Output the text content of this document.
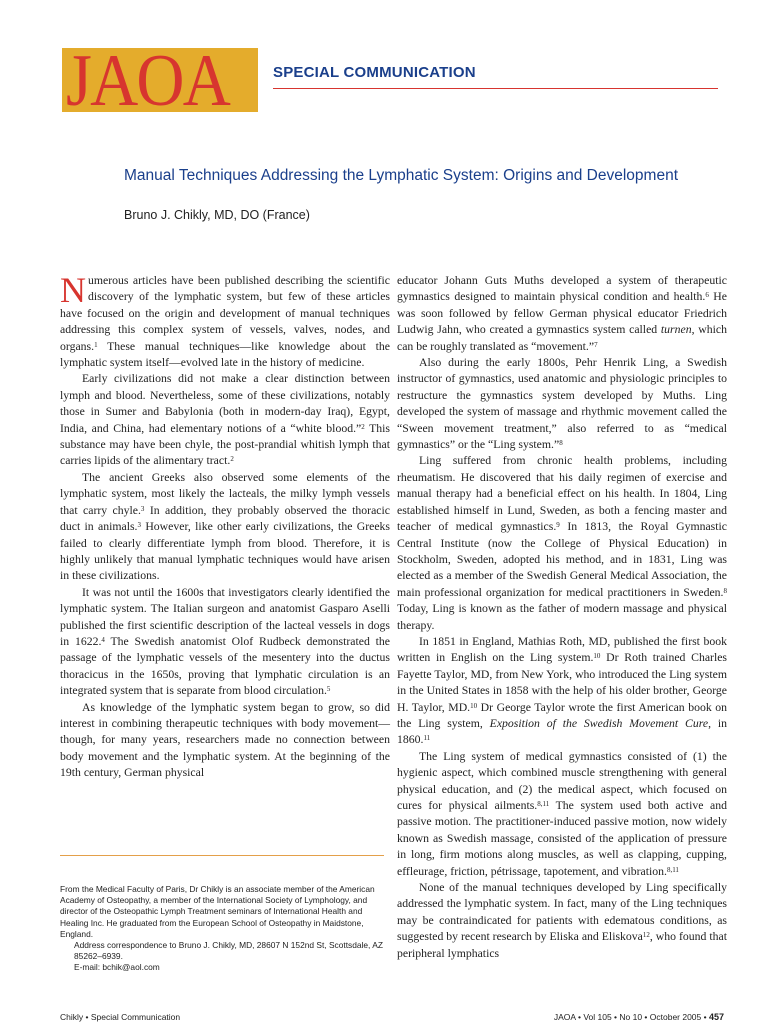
JAOA	SPECIAL COMMUNICATION
Manual Techniques Addressing the Lymphatic System: Origins and Development
Bruno J. Chikly, MD, DO (France)

Numerous articles have been published describing the scientific discovery of the lymphatic system, but few of these articles have focused on the origin and development of manual techniques addressing this complex system of vessels, valves, nodes, and organs.$^1$ These manual techniques—like knowledge about the lymphatic system itself—evolved late in the history of medicine.

Early civilizations did not make a clear distinction between lymph and blood. Nevertheless, some of these civilizations, notably those in Sumer and Babylonia (both in modern-day Iraq), Egypt, India, and China, had elementary notions of a “white blood.”$^2$ This substance may have been chyle, the post-prandial whitish lymph that carries lipids of the alimentary tract.$^2$

The ancient Greeks also observed some elements of the lymphatic system, most likely the lacteals, the milky lymph vessels that carry chyle.$^3$ In addition, they probably observed the thoracic duct in animals.$^3$ However, like other early civilizations, the Greeks failed to clearly differentiate lymph from blood. Therefore, it is highly unlikely that manual lymphatic techniques would have arisen in these civilizations.

It was not until the 1600s that investigators clearly identified the lymphatic system. The Italian surgeon and anatomist Gasparo Aselli published the first scientific description of the lacteal vessels in dogs in 1622.$^4$ The Swedish anatomist Olof Rudbeck demonstrated the passage of the lymphatic vessels of the mesentery into the ductus thoracicus in the 1650s, proving that lymphatic circulation is an integrated system that is separate from blood circulation.$^5$

As knowledge of the lymphatic system began to grow, so did interest in combining therapeutic techniques with body movement—though, for many years, researchers made no connection between body movement and the lymphatic system. At the beginning of the 19th century, German physical

educator Johann Guts Muths developed a system of therapeutic gymnastics designed to maintain physical condition and health.$^6$ He was soon followed by fellow German physical educator Friedrich Ludwig Jahn, who created a gymnastics system called turnen, which can be roughly translated as “movement.”$^7$

Also during the early 1800s, Pehr Henrik Ling, a Swedish instructor of gymnastics, used anatomic and physiologic principles to restructure the gymnastics system developed by Muths. Ling developed the system of massage and rhythmic movement called the “Sween movement treatment,” also referred to as “medical gymnastics” or the “Ling system.”$^8$

Ling suffered from chronic health problems, including rheumatism. He discovered that his daily regimen of exercise and manual therapy had a beneficial effect on his health. In 1804, Ling established himself in Lund, Sweden, as both a fencing master and teacher of medical gymnastics.$^9$ In 1813, the Royal Gymnastic Central Institute (now the College of Physical Education) in Stockholm, Sweden, adopted his method, and in 1831, Ling was elected as a member of the Swedish General Medical Association, the main professional organization for medical practitioners in Sweden.$^8$ Today, Ling is known as the father of modern massage and physical therapy.

In 1851 in England, Mathias Roth, MD, published the first book written in English on the Ling system.$^{10}$ Dr Roth trained Charles Fayette Taylor, MD, from New York, who introduced the Ling system in the United States in 1858 with the help of his older brother, George H. Taylor, MD.$^{10}$ Dr George Taylor wrote the first American book on the Ling system, Exposition of the Swedish Movement Cure, in 1860.11

The Ling system of medical gymnastics consisted of (1) the hygienic aspect, which combined muscle strengthening with general physical education, and (2) the medical aspect, which focused on cures for physical ailments.$^{8,11}$ The system used both active and passive motion. The practitioner-induced passive motion, now widely known as Swedish massage, consisted of the application of pressure in long, firm motions along muscles, as well as clapping, cupping, effleurage, friction, pétrissage, tapotement, and vibration.$^{8,11}$

None of the manual techniques developed by Ling specifically addressed the lymphatic system. In fact, many of the Ling techniques may be contraindicated for patients with edematous conditions, as suggested by recent research by Eliska and Eliskova$^{12}$, who found that peripheral lymphatics

From the Medical Faculty of Paris, Dr Chikly is an associate member of the American Academy of Osteopathy, a member of the International Society of Lymphology, and director of the Osteopathic Lymph Treatment seminars of International Health and Healing Inc. He graduated from the European School of Osteopathy in Maidstone, England.

Address correspondence to Bruno J. Chikly, MD, 28607 N 152nd St, Scottsdale, AZ 85262–6939.

E-mail: bchik@aol.com

Chikly • Special Communication	JAOA • Vol 105 • No 10 • October 2005 • 457
